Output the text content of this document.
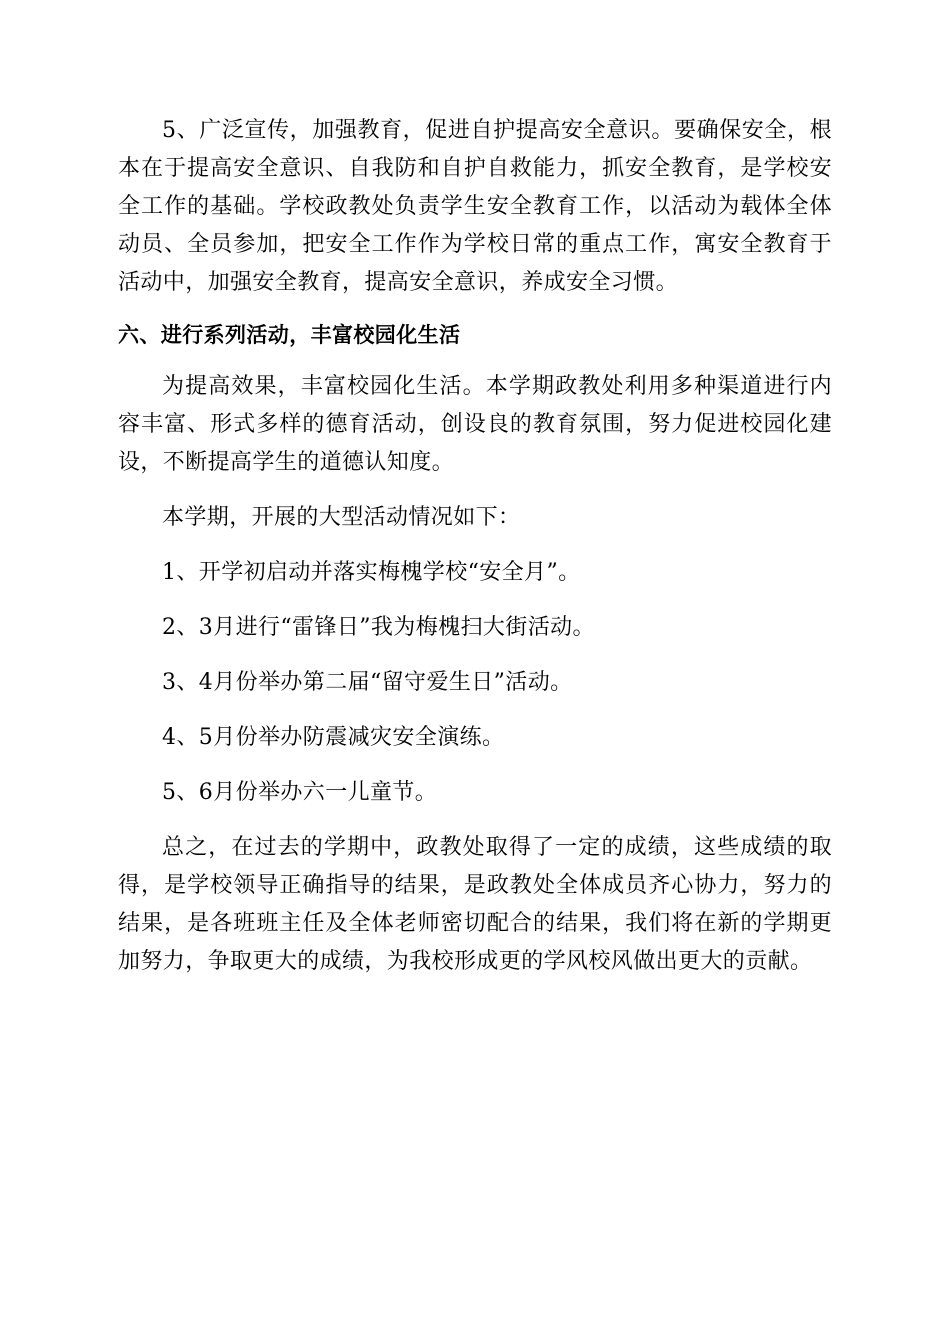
5、广泛宣传，加强教育，促进自护提高安全意识。要确保安全，根本在于提高安全意识、自我防和自护自救能力，抓安全教育，是学校安全工作的基础。学校政教处负责学生安全教育工作，以活动为载体全体动员、全员参加，把安全工作作为学校日常的重点工作，寓安全教育于活动中，加强安全教育，提高安全意识，养成安全习惯。

六、进行系列活动，丰富校园化生活

为提高效果，丰富校园化生活。本学期政教处利用多种渠道进行内容丰富、形式多样的德育活动，创设良的教育氛围，努力促进校园化建设，不断提高学生的道德认知度。

本学期，开展的大型活动情况如下：

1、开学初启动并落实梅槐学校“安全月”。

2、3月进行“雷锋日”我为梅槐扫大街活动。

3、4月份举办第二届“留守爱生日”活动。

4、5月份举办防震减灾安全演练。

5、6月份举办六一儿童节。

总之，在过去的学期中，政教处取得了一定的成绩，这些成绩的取得，是学校领导正确指导的结果，是政教处全体成员齐心协力，努力的结果，是各班班主任及全体老师密切配合的结果，我们将在新的学期更加努力，争取更大的成绩，为我校形成更的学风校风做出更大的贡献。
